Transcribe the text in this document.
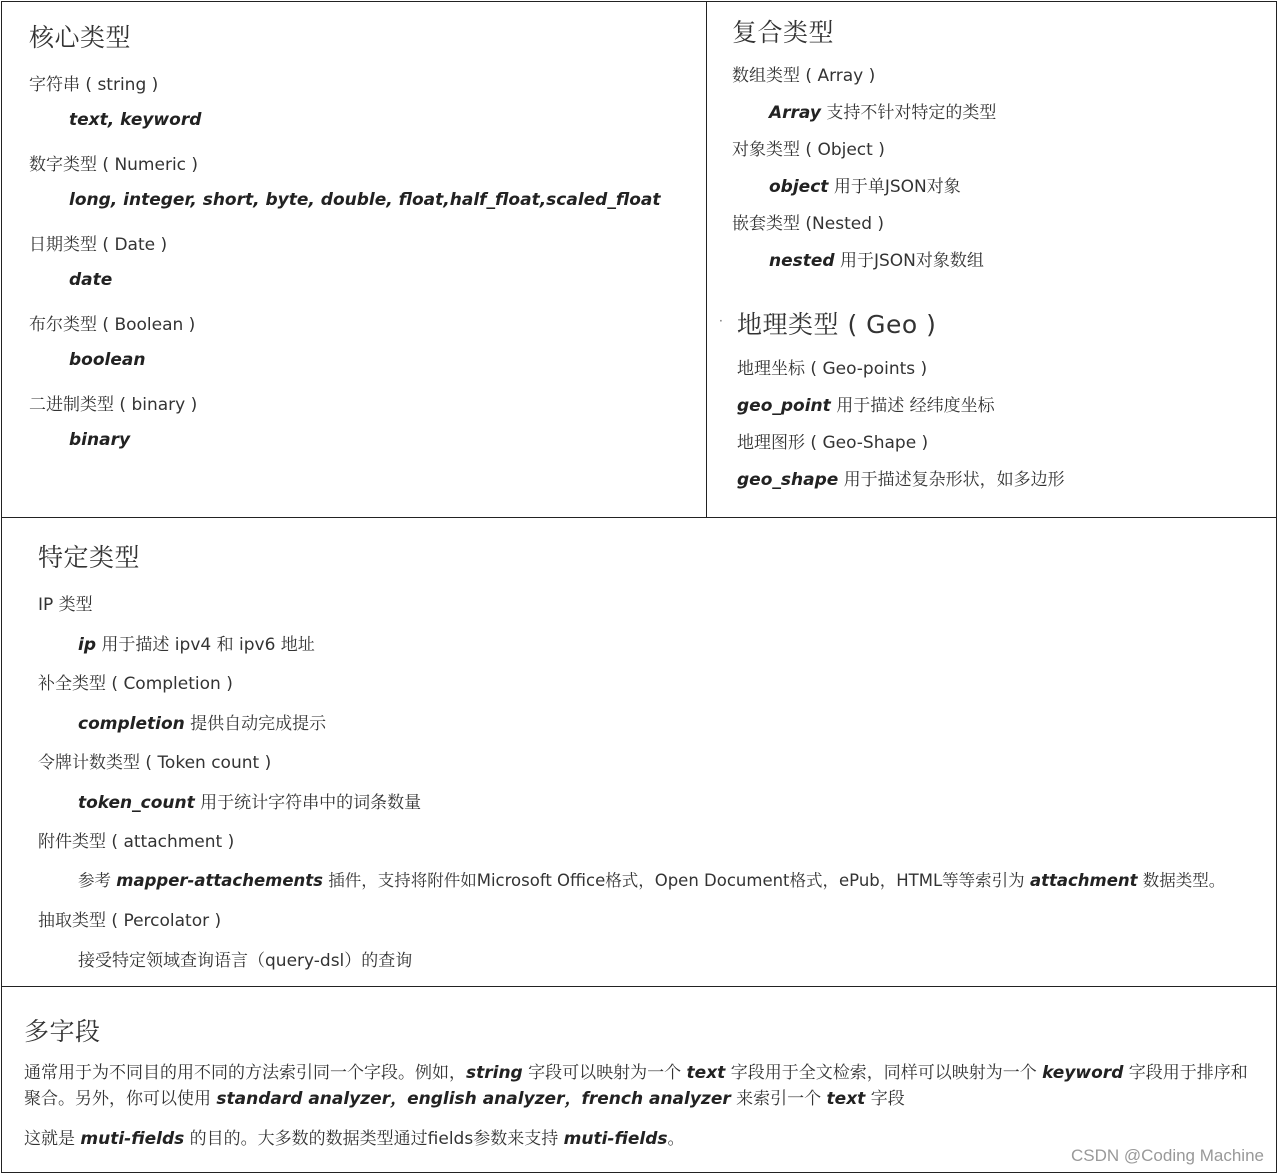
核心类型
字符串 ( string )
text, keyword
数字类型 ( Numeric )
long, integer, short, byte, double, float,half_float,scaled_float
日期类型 ( Date )
date
布尔类型 ( Boolean )
boolean
二进制类型 ( binary )
binary
复合类型
数组类型 ( Array )
Array 支持不针对特定的类型
对象类型 ( Object )
object 用于单JSON对象
嵌套类型 (Nested )
nested 用于JSON对象数组
· 地理类型 ( Geo )
地理坐标 ( Geo-points )
geo_point 用于描述 经纬度坐标
地理图形 ( Geo-Shape )
geo_shape 用于描述复杂形状，如多边形
特定类型
IP 类型
ip 用于描述 ipv4 和 ipv6 地址
补全类型 ( Completion )
completion 提供自动完成提示
令牌计数类型 ( Token count )
token_count 用于统计字符串中的词条数量
附件类型 ( attachment )
参考 mapper-attachements 插件，支持将附件如Microsoft Office格式，Open Document格式，ePub，HTML等等索引为 attachment 数据类型。
抽取类型 ( Percolator )
接受特定领域查询语言（query-dsl）的查询
多字段
通常用于为不同目的用不同的方法索引同一个字段。例如，string 字段可以映射为一个 text 字段用于全文检索，同样可以映射为一个 keyword 字段用于排序和聚合。另外，你可以使用 standard analyzer，english analyzer，french analyzer 来索引一个 text 字段
这就是 muti-fields 的目的。大多数的数据类型通过fields参数来支持 muti-fields。
CSDN @Coding Machine
